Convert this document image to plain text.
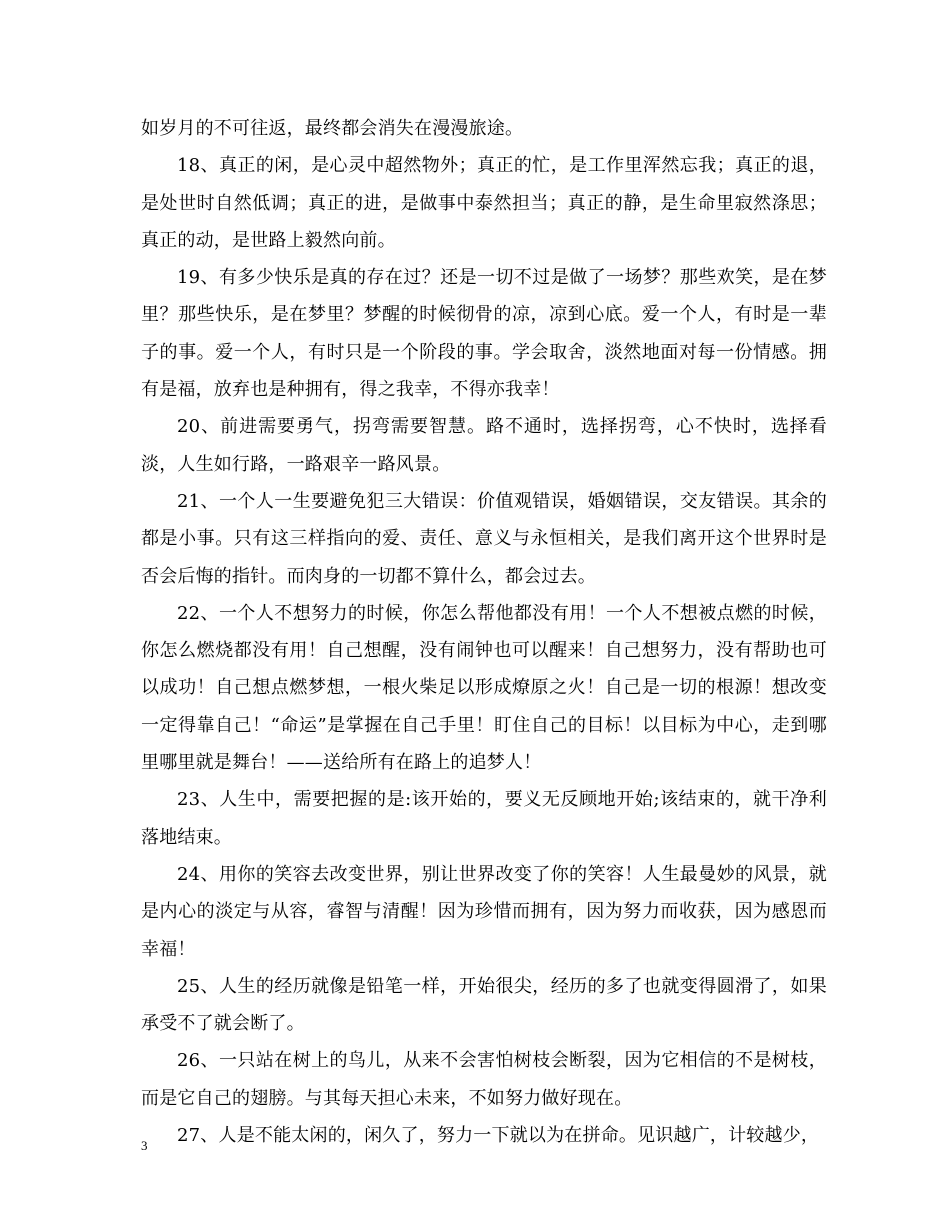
如岁月的不可往返，最终都会消失在漫漫旅途。

18、真正的闲，是心灵中超然物外；真正的忙，是工作里浑然忘我；真正的退，是处世时自然低调；真正的进，是做事中泰然担当；真正的静，是生命里寂然涤思；真正的动，是世路上毅然向前。

19、有多少快乐是真的存在过？还是一切不过是做了一场梦？那些欢笑，是在梦里？那些快乐，是在梦里？梦醒的时候彻骨的凉，凉到心底。爱一个人，有时是一辈子的事。爱一个人，有时只是一个阶段的事。学会取舍，淡然地面对每一份情感。拥有是福，放弃也是种拥有，得之我幸，不得亦我幸！

20、前进需要勇气，拐弯需要智慧。路不通时，选择拐弯，心不快时，选择看淡，人生如行路，一路艰辛一路风景。

21、一个人一生要避免犯三大错误：价值观错误，婚姻错误，交友错误。其余的都是小事。只有这三样指向的爱、责任、意义与永恒相关，是我们离开这个世界时是否会后悔的指针。而肉身的一切都不算什么，都会过去。

22、一个人不想努力的时候，你怎么帮他都没有用！一个人不想被点燃的时候，你怎么燃烧都没有用！自己想醒，没有闹钟也可以醒来！自己想努力，没有帮助也可以成功！自己想点燃梦想，一根火柴足以形成燎原之火！自己是一切的根源！想改变一定得靠自己！“命运”是掌握在自己手里！盯住自己的目标！以目标为中心，走到哪里哪里就是舞台！——送给所有在路上的追梦人！

23、人生中，需要把握的是:该开始的，要义无反顾地开始;该结束的，就干净利落地结束。

24、用你的笑容去改变世界，别让世界改变了你的笑容！人生最曼妙的风景，就是内心的淡定与从容，睿智与清醒！因为珍惜而拥有，因为努力而收获，因为感恩而幸福！

25、人生的经历就像是铅笔一样，开始很尖，经历的多了也就变得圆滑了，如果承受不了就会断了。

26、一只站在树上的鸟儿，从来不会害怕树枝会断裂，因为它相信的不是树枝，而是它自己的翅膀。与其每天担心未来，不如努力做好现在。

27、人是不能太闲的，闲久了，努力一下就以为在拼命。见识越广，计较越少，

3
